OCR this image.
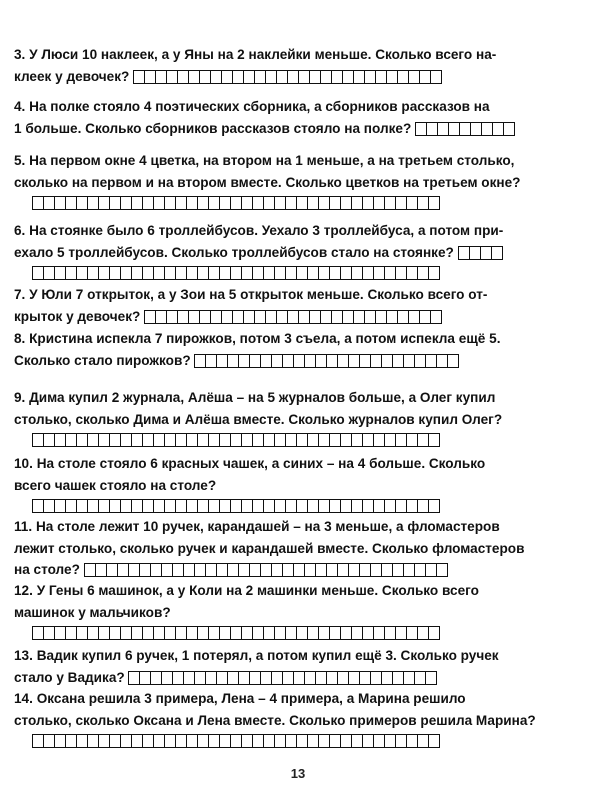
3. У Люси 10 наклеек, а у Яны на 2 наклейки меньше. Сколько всего на-
клеек у девочек?
4. На полке стояло 4 поэтических сборника, а сборников рассказов на
1 больше. Сколько сборников рассказов стояло на полке?
5. На первом окне 4 цветка, на втором на 1 меньше, а на третьем столько,
сколько на первом и на втором вместе. Сколько цветков на третьем окне?
6. На стоянке было 6 троллейбусов. Уехало 3 троллейбуса, а потом при-
ехало 5 троллейбусов. Сколько троллейбусов стало на стоянке?
7. У Юли 7 открыток, а у Зои на 5 открыток меньше. Сколько всего от-
крыток у девочек?
8. Кристина испекла 7 пирожков, потом 3 съела, а потом испекла ещё 5.
Сколько стало пирожков?
9. Дима купил 2 журнала, Алёша – на 5 журналов больше, а Олег купил
столько, сколько Дима и Алёша вместе. Сколько журналов купил Олег?
10. На столе стояло 6 красных чашек, а синих – на 4 больше. Сколько
всего чашек стояло на столе?
11. На столе лежит 10 ручек, карандашей – на 3 меньше, а фломастеров
лежит столько, сколько ручек и карандашей вместе. Сколько фломастеров
на столе?
12. У Гены 6 машинок, а у Коли на 2 машинки меньше. Сколько всего
машинок у мальчиков?
13. Вадик купил 6 ручек, 1 потерял, а потом купил ещё 3. Сколько ручек
стало у Вадика?
14. Оксана решила 3 примера, Лена – 4 примера, а Марина решило
столько, сколько Оксана и Лена вместе. Сколько примеров решила Марина?
13
